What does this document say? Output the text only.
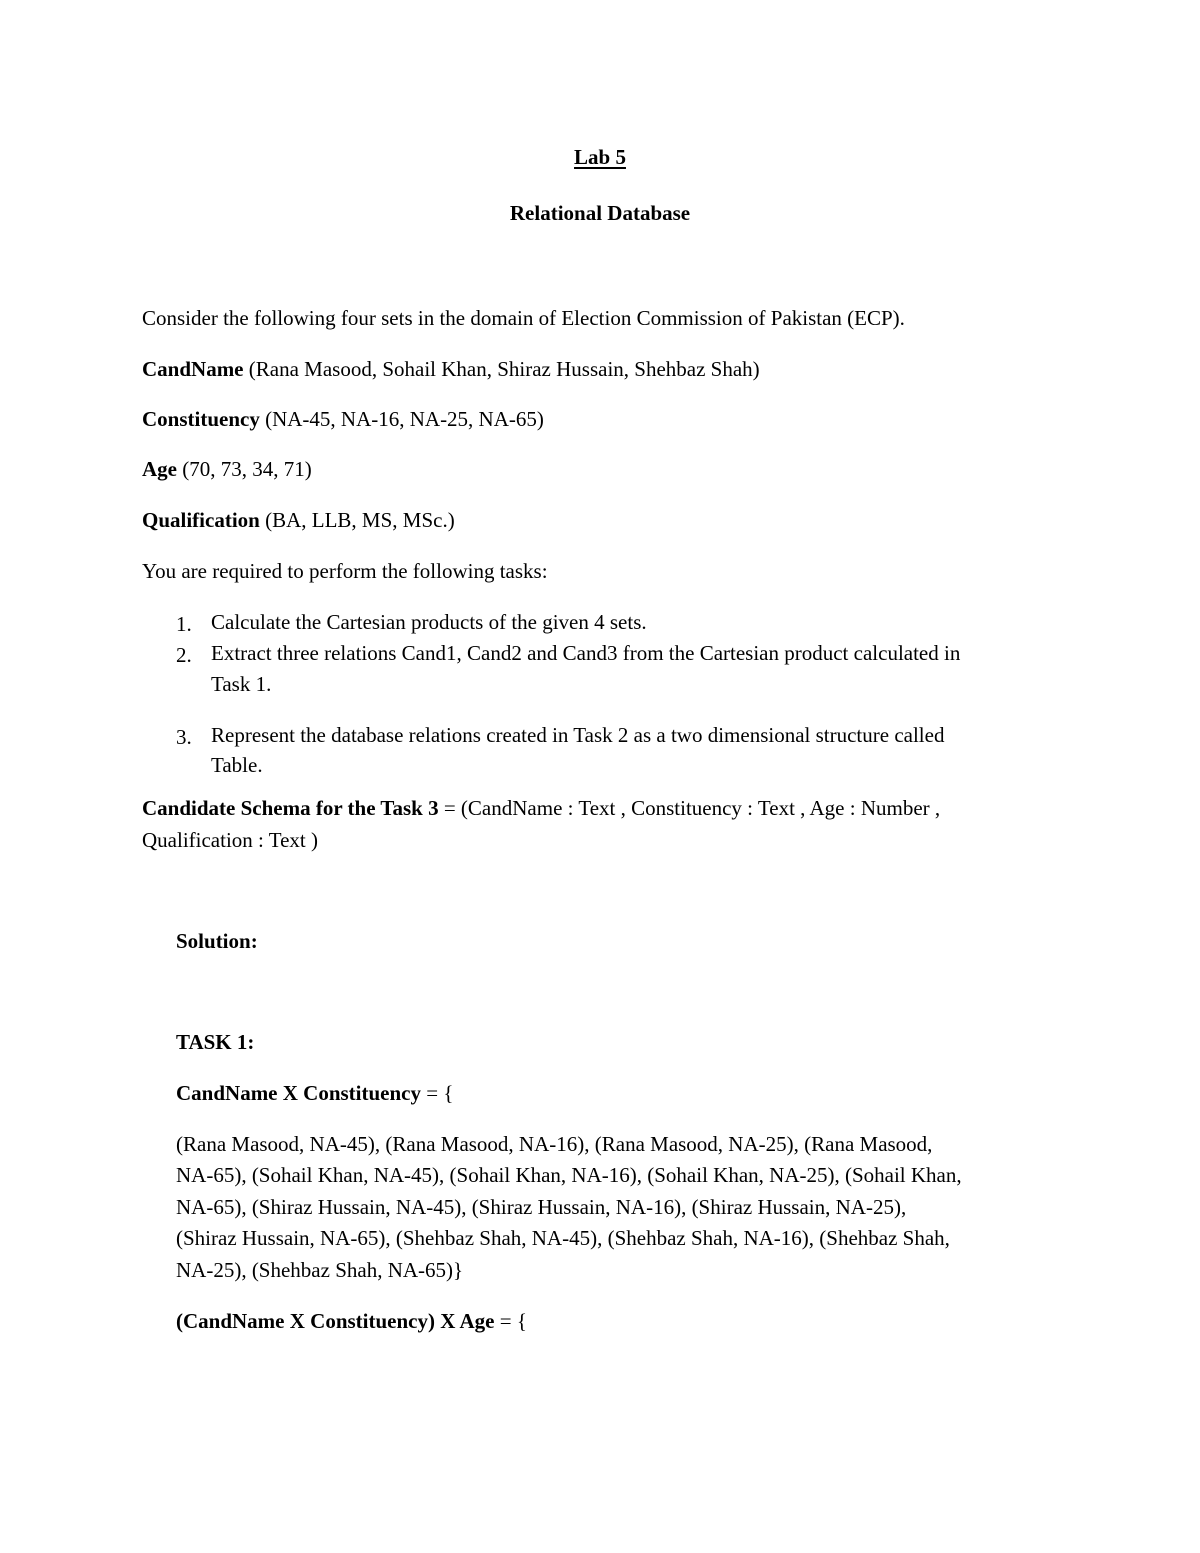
Lab 5
Relational Database
Consider the following four sets in the domain of Election Commission of Pakistan (ECP).
CandName (Rana Masood, Sohail Khan, Shiraz Hussain, Shehbaz Shah)
Constituency (NA-45, NA-16, NA-25, NA-65)
Age (70, 73, 34, 71)
Qualification (BA, LLB, MS, MSc.)
You are required to perform the following tasks:
1. Calculate the Cartesian products of the given 4 sets.
2. Extract three relations Cand1, Cand2 and Cand3 from the Cartesian product calculated in
Task 1.
3. Represent the database relations created in Task 2 as a two dimensional structure called
Table.
Candidate Schema for the Task 3 = (CandName : Text , Constituency : Text , Age : Number ,
Qualification : Text )
Solution:
TASK 1:
CandName X Constituency = {
(Rana Masood, NA-45), (Rana Masood, NA-16), (Rana Masood, NA-25), (Rana Masood,
NA-65), (Sohail Khan, NA-45), (Sohail Khan, NA-16), (Sohail Khan, NA-25), (Sohail Khan,
NA-65), (Shiraz Hussain, NA-45), (Shiraz Hussain, NA-16), (Shiraz Hussain, NA-25),
(Shiraz Hussain, NA-65), (Shehbaz Shah, NA-45), (Shehbaz Shah, NA-16), (Shehbaz Shah,
NA-25), (Shehbaz Shah, NA-65)}
(CandName X Constituency) X Age = {
